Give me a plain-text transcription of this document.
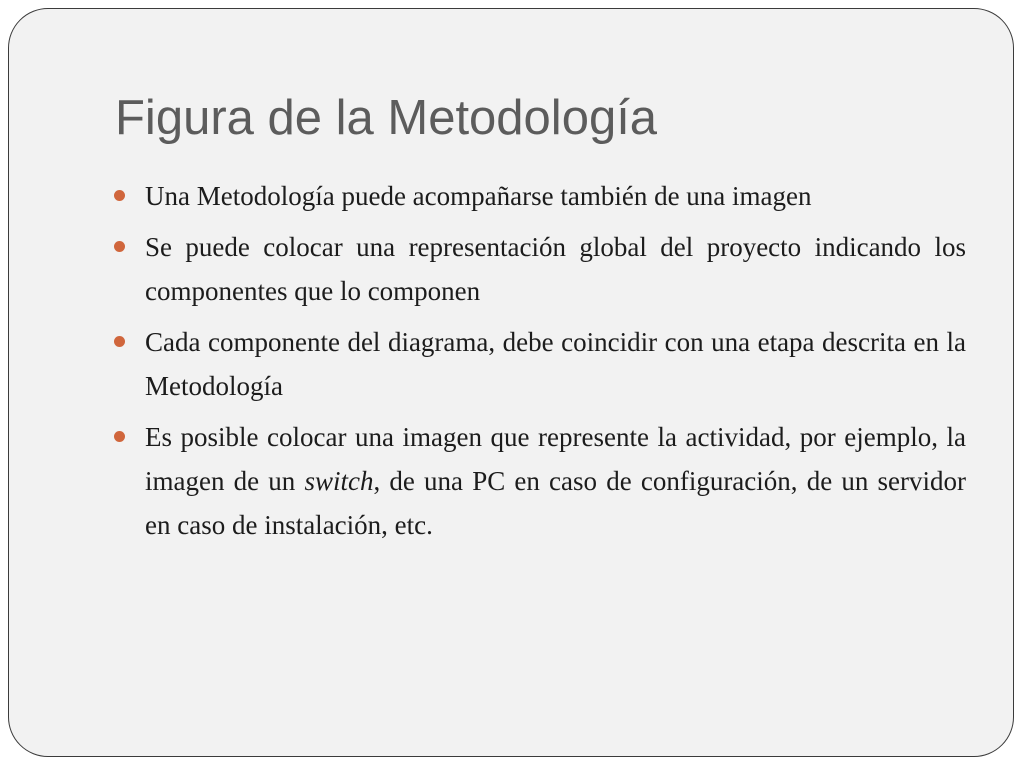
Figura de la Metodología
Una Metodología puede acompañarse también de una imagen
Se puede colocar una representación global del proyecto indicando los componentes que lo componen
Cada componente del diagrama, debe coincidir con una etapa descrita en la Metodología
Es posible colocar una imagen que represente la actividad, por ejemplo, la imagen de un switch, de una PC en caso de configuración, de un servidor en caso de instalación, etc.
